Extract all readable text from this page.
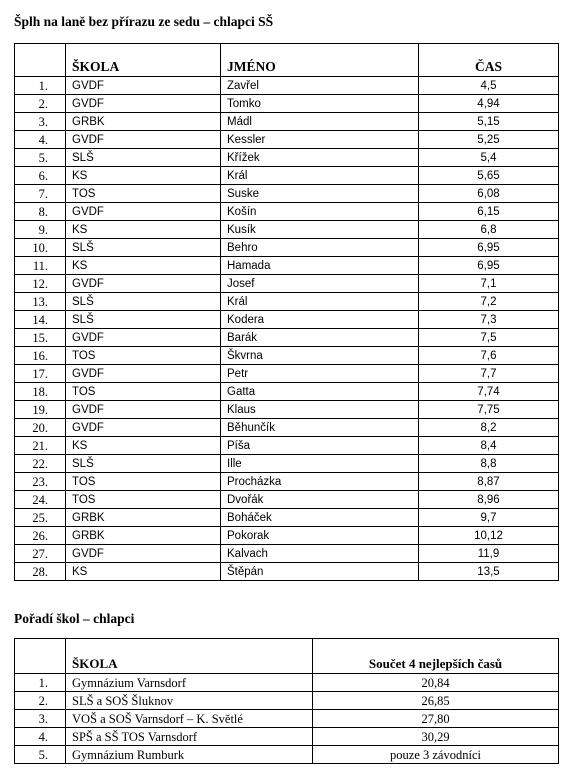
Šplh na laně bez přírazu ze sedu – chlapci SŠ
	ŠKOLA	JMÉNO	ČAS
1.	GVDF	Zavřel	4,5
2.	GVDF	Tomko	4,94
3.	GRBK	Mádl	5,15
4.	GVDF	Kessler	5,25
5.	SLŠ	Křížek	5,4
6.	KS	Král	5,65
7.	TOS	Suske	6,08
8.	GVDF	Košín	6,15
9.	KS	Kusík	6,8
10.	SLŠ	Behro	6,95
11.	KS	Hamada	6,95
12.	GVDF	Josef	7,1
13.	SLŠ	Král	7,2
14.	SLŠ	Kodera	7,3
15.	GVDF	Barák	7,5
16.	TOS	Škvrna	7,6
17.	GVDF	Petr	7,7
18.	TOS	Gatta	7,74
19.	GVDF	Klaus	7,75
20.	GVDF	Běhunčík	8,2
21.	KS	Píša	8,4
22.	SLŠ	Ille	8,8
23.	TOS	Procházka	8,87
24.	TOS	Dvořák	8,96
25.	GRBK	Boháček	9,7
26.	GRBK	Pokorak	10,12
27.	GVDF	Kalvach	11,9
28.	KS	Štěpán	13,5
Pořadí škol – chlapci
	ŠKOLA	Součet 4 nejlepších časů
1.	Gymnázium Varnsdorf	20,84
2.	SLŠ a SOŠ Šluknov	26,85
3.	VOŠ a SOŠ Varnsdorf – K. Světlé	27,80
4.	SPŠ a SŠ TOS Varnsdorf	30,29
5.	Gymnázium Rumburk	pouze 3 závodníci
